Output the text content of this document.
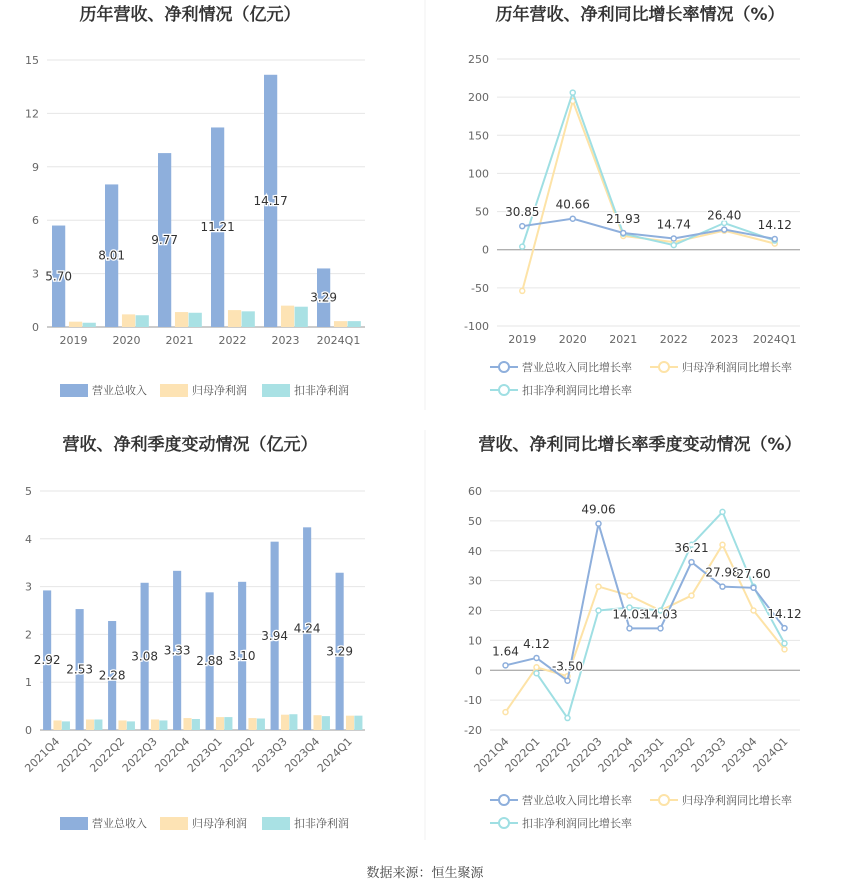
历年营收、净利情况（亿元）
0
3
6
9
12
15
2019 2020 2021 2022 2023 2024Q1
5.70
8.01
9.77
11.21
14.17
3.29
营业总收入	归母净利润	扣非净利润
历年营收、净利同比增长率情况（%）
-100
-50
0
50
100
150
200
250
2019 2020 2021 2022 2023 2024Q1
30.85
40.66
21.93 14.74
26.40
14.12
营业总收入同比增长率	归母净利润同比增长率
扣非净利润同比增长率
营收、净利季度变动情况（亿元）
0
1
2
3
4
5
2021Q4
2022Q1
2022Q2
2022Q3
2022Q4
2023Q1
2023Q2
2023Q3
2023Q4
2024Q1
2.92
2.53 2.28
3.08 3.33
2.88 3.10
3.94
4.24
3.29
营业总收入	归母净利润	扣非净利润
营收、净利同比增长率季度变动情况（%）
-20
-10
0
10
20
30
40
50
60
2021Q4
2022Q1
2022Q2
2022Q3
2022Q4
2023Q1
2023Q2
2023Q3
2023Q4
2024Q1
1.64
4.12
-3.50
49.06
14.03
14.03
36.21
27.98
27.60
14.12
营业总收入同比增长率	归母净利润同比增长率
扣非净利润同比增长率
数据来源：恒生聚源
